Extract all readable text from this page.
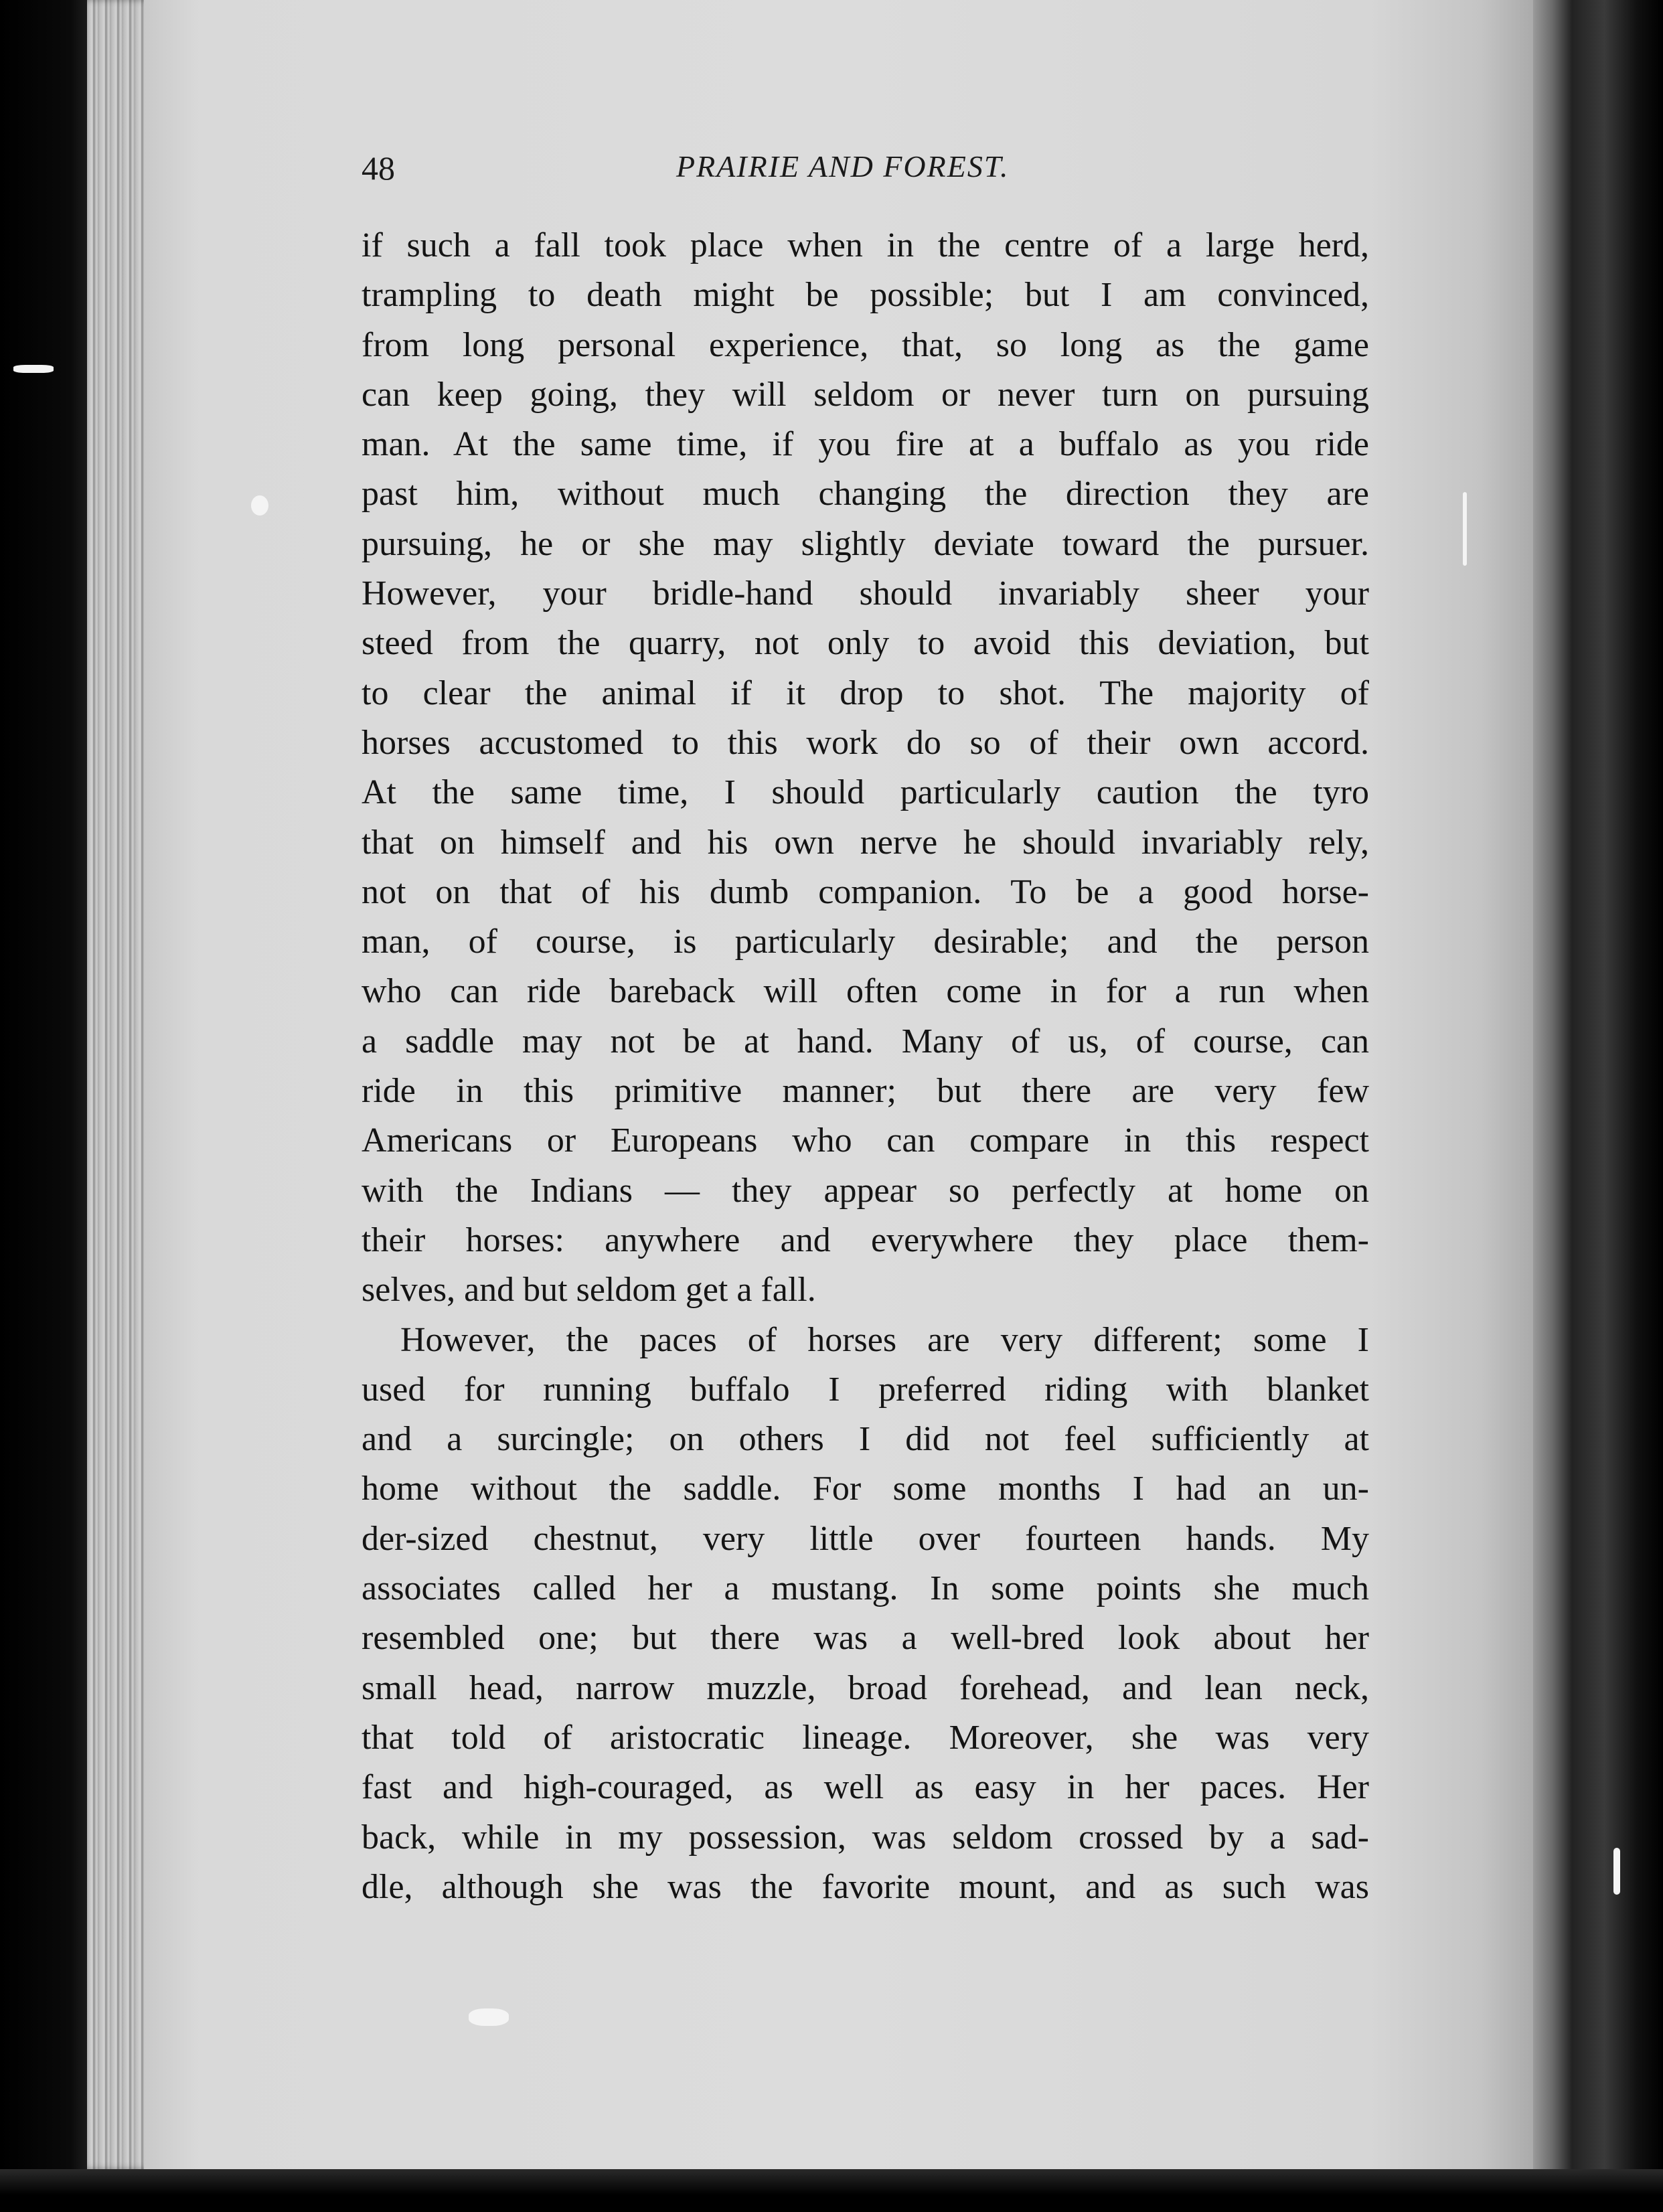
48	PRAIRIE AND FOREST.

if such a fall took place when in the centre of a large herd,
trampling to death might be possible; but I am convinced,
from long personal experience, that, so long as the game
can keep going, they will seldom or never turn on pursuing
man. At the same time, if you fire at a buffalo as you ride
past him, without much changing the direction they are
pursuing, he or she may slightly deviate toward the pursuer.
However, your bridle-hand should invariably sheer your
steed from the quarry, not only to avoid this deviation, but
to clear the animal if it drop to shot. The majority of
horses accustomed to this work do so of their own accord.
At the same time, I should particularly caution the tyro
that on himself and his own nerve he should invariably rely,
not on that of his dumb companion. To be a good horse-
man, of course, is particularly desirable; and the person
who can ride bareback will often come in for a run when
a saddle may not be at hand. Many of us, of course, can
ride in this primitive manner; but there are very few
Americans or Europeans who can compare in this respect
with the Indians — they appear so perfectly at home on
their horses: anywhere and everywhere they place them-
selves, and but seldom get a fall.

However, the paces of horses are very different; some I
used for running buffalo I preferred riding with blanket
and a surcingle; on others I did not feel sufficiently at
home without the saddle. For some months I had an un-
der-sized chestnut, very little over fourteen hands. My
associates called her a mustang. In some points she much
resembled one; but there was a well-bred look about her
small head, narrow muzzle, broad forehead, and lean neck,
that told of aristocratic lineage. Moreover, she was very
fast and high-couraged, as well as easy in her paces. Her
back, while in my possession, was seldom crossed by a sad-
dle, although she was the favorite mount, and as such was
